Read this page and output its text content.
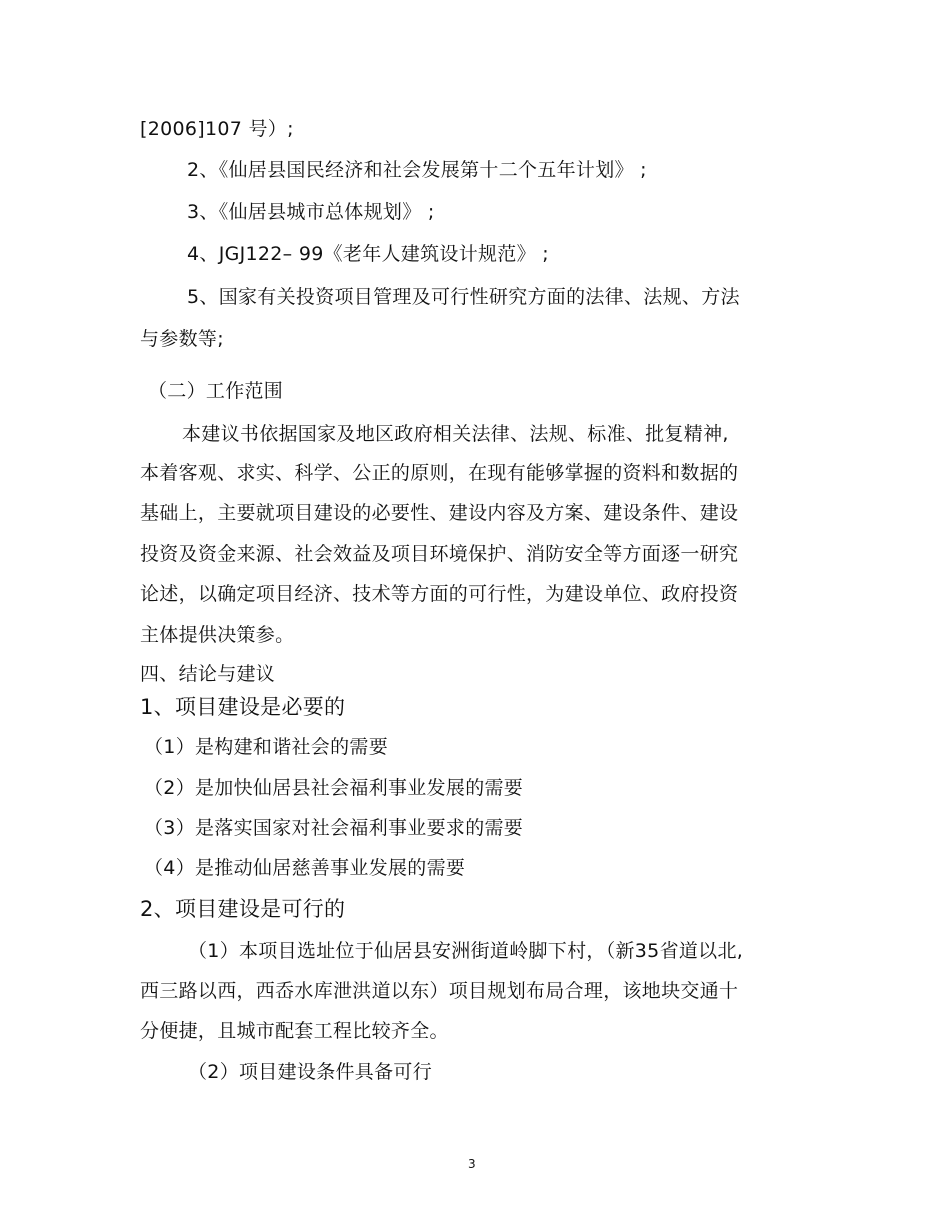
[2006]107 号）;
2、《仙居县国民经济和社会发展第十二个五年计划》 ;
3、《仙居县城市总体规划》 ;
4、JGJ122– 99《老年人建筑设计规范》 ;
5、国家有关投资项目管理及可行性研究方面的法律、法规、方法
与参数等;
（二）工作范围
本建议书依据国家及地区政府相关法律、法规、标准、批复精神,
本着客观、求实、科学、公正的原则，在现有能够掌握的资料和数据的
基础上，主要就项目建设的必要性、建设内容及方案、建设条件、建设
投资及资金来源、社会效益及项目环境保护、消防安全等方面逐一研究
论述，以确定项目经济、技术等方面的可行性，为建设单位、政府投资
主体提供决策参。
四、结论与建议
1、项目建设是必要的
（1）是构建和谐社会的需要
（2）是加快仙居县社会福利事业发展的需要
（3）是落实国家对社会福利事业要求的需要
（4）是推动仙居慈善事业发展的需要
2、项目建设是可行的
（1）本项目选址位于仙居县安洲街道岭脚下村，（新35省道以北,
西三路以西，西岙水库泄洪道以东）项目规划布局合理，该地块交通十
分便捷，且城市配套工程比较齐全。
（2）项目建设条件具备可行
3
